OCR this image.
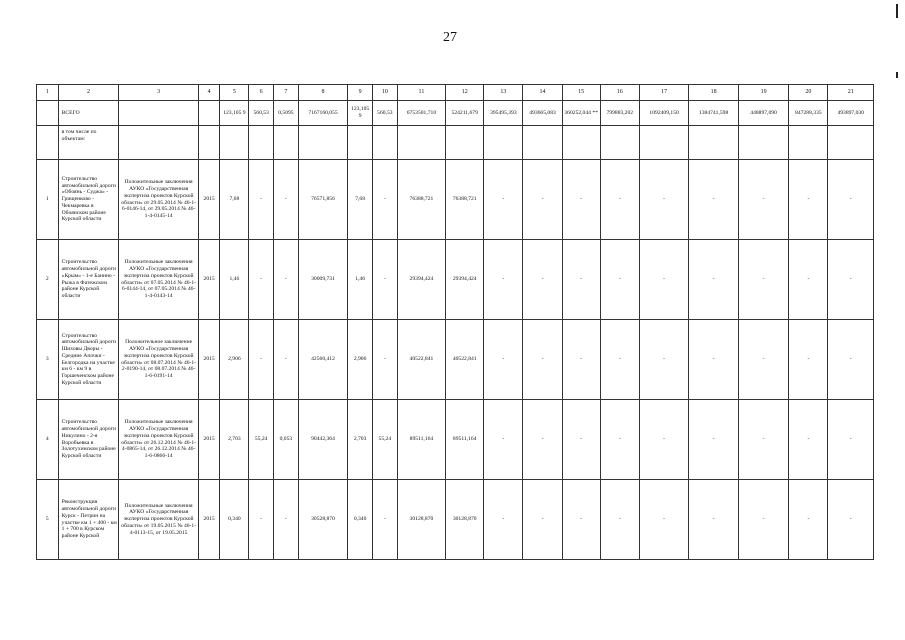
27
1	2	3	4	5	6	7	8	9	10	11	12	13	14	15	16	17	18	19	20	21
	ВСЕГО			123,105 9	560,53	0,5095	7167160,055	123,105 9	560,53	6753501,710	524211,679	395495,393	493665,083	360252,044 **	799883,202	1092409,150	1384741,598	448897,090	847288,335	493897,030
	в том числе по объектам:																			
1	Строительство автомобильной дороги «Обоянь - Суджа» - Грищенково - Чекмаревка в Обоянском районе Курской области	Положительные заключения АУКО «Государственная экспертиза проектов Курской области» от 29.05.2014 № 46-1-6-0146-14, от 29.05.2014 № 46-1-4-0145-14	2015	7,68	-	-	76571,856	7,68	-	76388,721	76388,721	-	-	-	-	-	-	-	-	-
2	Строительство автомобильной дороги «Крым» - 1-е Банино - Рыжа в Фатежском районе Курской области	Положительные заключения АУКО «Государственная экспертиза проектов Курской области» от 07.05.2014 № 46-1-6-0144-14, от 07.05.2014 № 46-1-4-0143-14	2015	1,46	-	-	30009,731	1,46	-	29394,424	29394,424	-	-	-	-	-	-	-	-	-
3	Строительство автомобильной дороги Шиховы Дворы - Средние Апочки - Белгородка на участке км 6 - км 9 в Горшеченском районе Курской области	Положительное заключение АУКО «Государственная экспертиза проектов Курской области» от 08.07.2014 № 46-1-2-0190-14, от 08.07.2014 № 46-1-6-0191-14	2015	2,906	-	-	42560,412	2,906	-	40522,841	40522,841	-	-	-	-	-	-	-	-	-
4	Строительство автомобильной дороги Никулино - 2-я Воробьевка в Золотухинском районе Курской области	Положительные заключения АУКО «Государственная экспертиза проектов Курской области» от 26.12.2014 № 46-1-4-0865-14, от 26.12.2014 № 46-1-6-0866-14	2015	2,703	55,24	0,053	90442,364	2,703	55,24	89511,164	89511,164	-	-	-	-	-	-	-	-	-
5	Реконструкция автомобильной дороги Курск - Петрин на участке км 1 + 400 - км 1 + 700 в Курском районе Курской	Положительные заключения АУКО «Государственная экспертиза проектов Курской области» от 19.05.2015 № 46-1-4-0113-15, от 19.05.2015	2015	0,340	-	-	30528,870	0,340	-	30128,870	30128,870	-	-	-	-	-	-	-	-	-
